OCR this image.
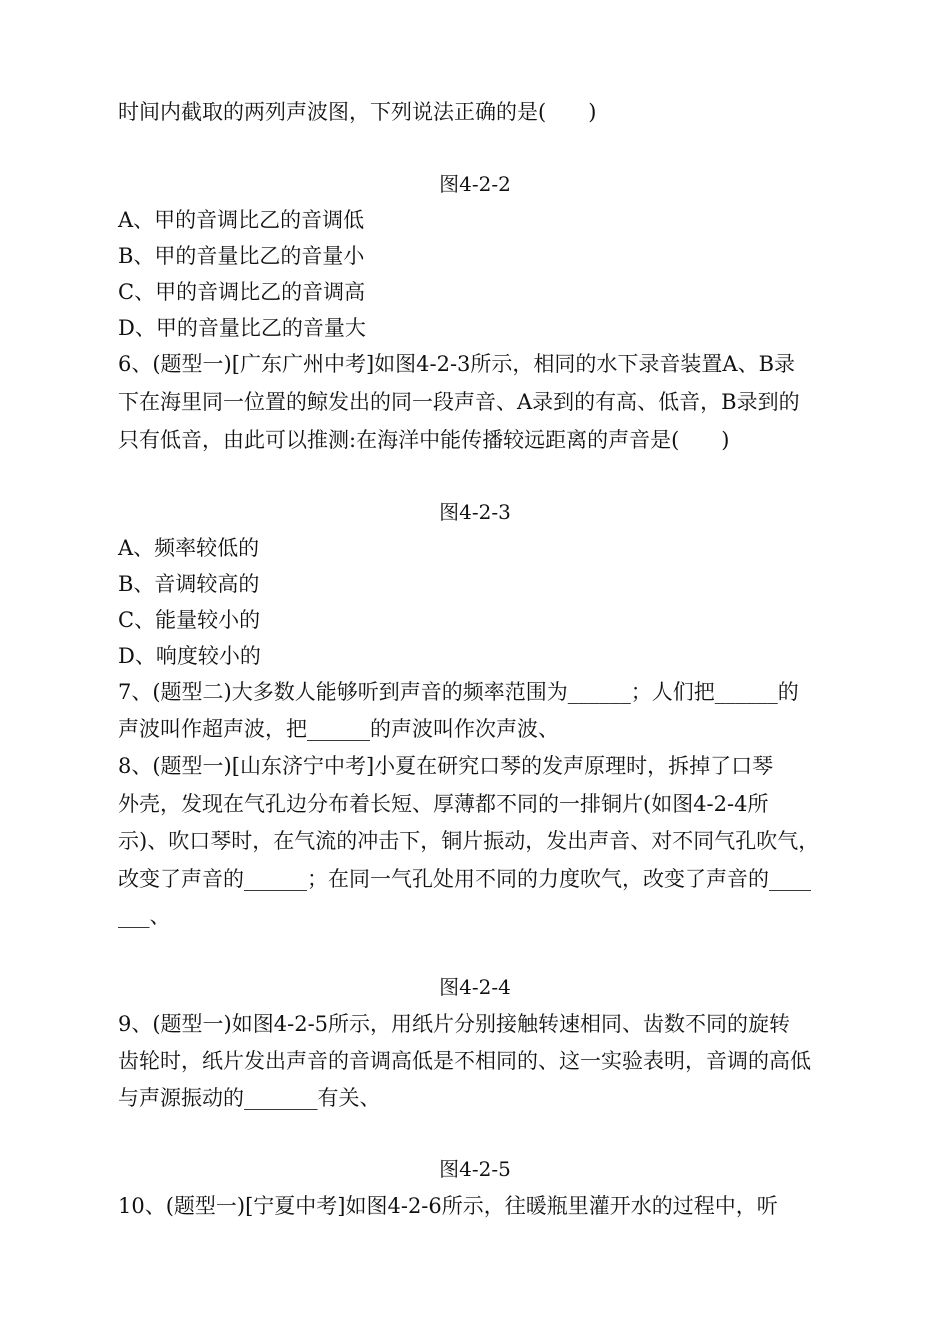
时间内截取的两列声波图，下列说法正确的是(　　)
图4-2-2
A、甲的音调比乙的音调低
B、甲的音量比乙的音量小
C、甲的音调比乙的音调高
D、甲的音量比乙的音量大
6、(题型一)[广东广州中考]如图4-2-3所示，相同的水下录音装置A、B录
下在海里同一位置的鲸发出的同一段声音、A录到的有高、低音，B录到的
只有低音，由此可以推测:在海洋中能传播较远距离的声音是(　　)
图4-2-3
A、频率较低的
B、音调较高的
C、能量较小的
D、响度较小的
7、(题型二)大多数人能够听到声音的频率范围为______；人们把______的
声波叫作超声波，把______的声波叫作次声波、
8、(题型一)[山东济宁中考]小夏在研究口琴的发声原理时，拆掉了口琴
外壳，发现在气孔边分布着长短、厚薄都不同的一排铜片(如图4-2-4所
示)、吹口琴时，在气流的冲击下，铜片振动，发出声音、对不同气孔吹气，
改变了声音的______；在同一气孔处用不同的力度吹气，改变了声音的____
___、
图4-2-4
9、(题型一)如图4-2-5所示，用纸片分别接触转速相同、齿数不同的旋转
齿轮时，纸片发出声音的音调高低是不相同的、这一实验表明，音调的高低
与声源振动的_______有关、
图4-2-5
10、(题型一)[宁夏中考]如图4-2-6所示，往暖瓶里灌开水的过程中，听
